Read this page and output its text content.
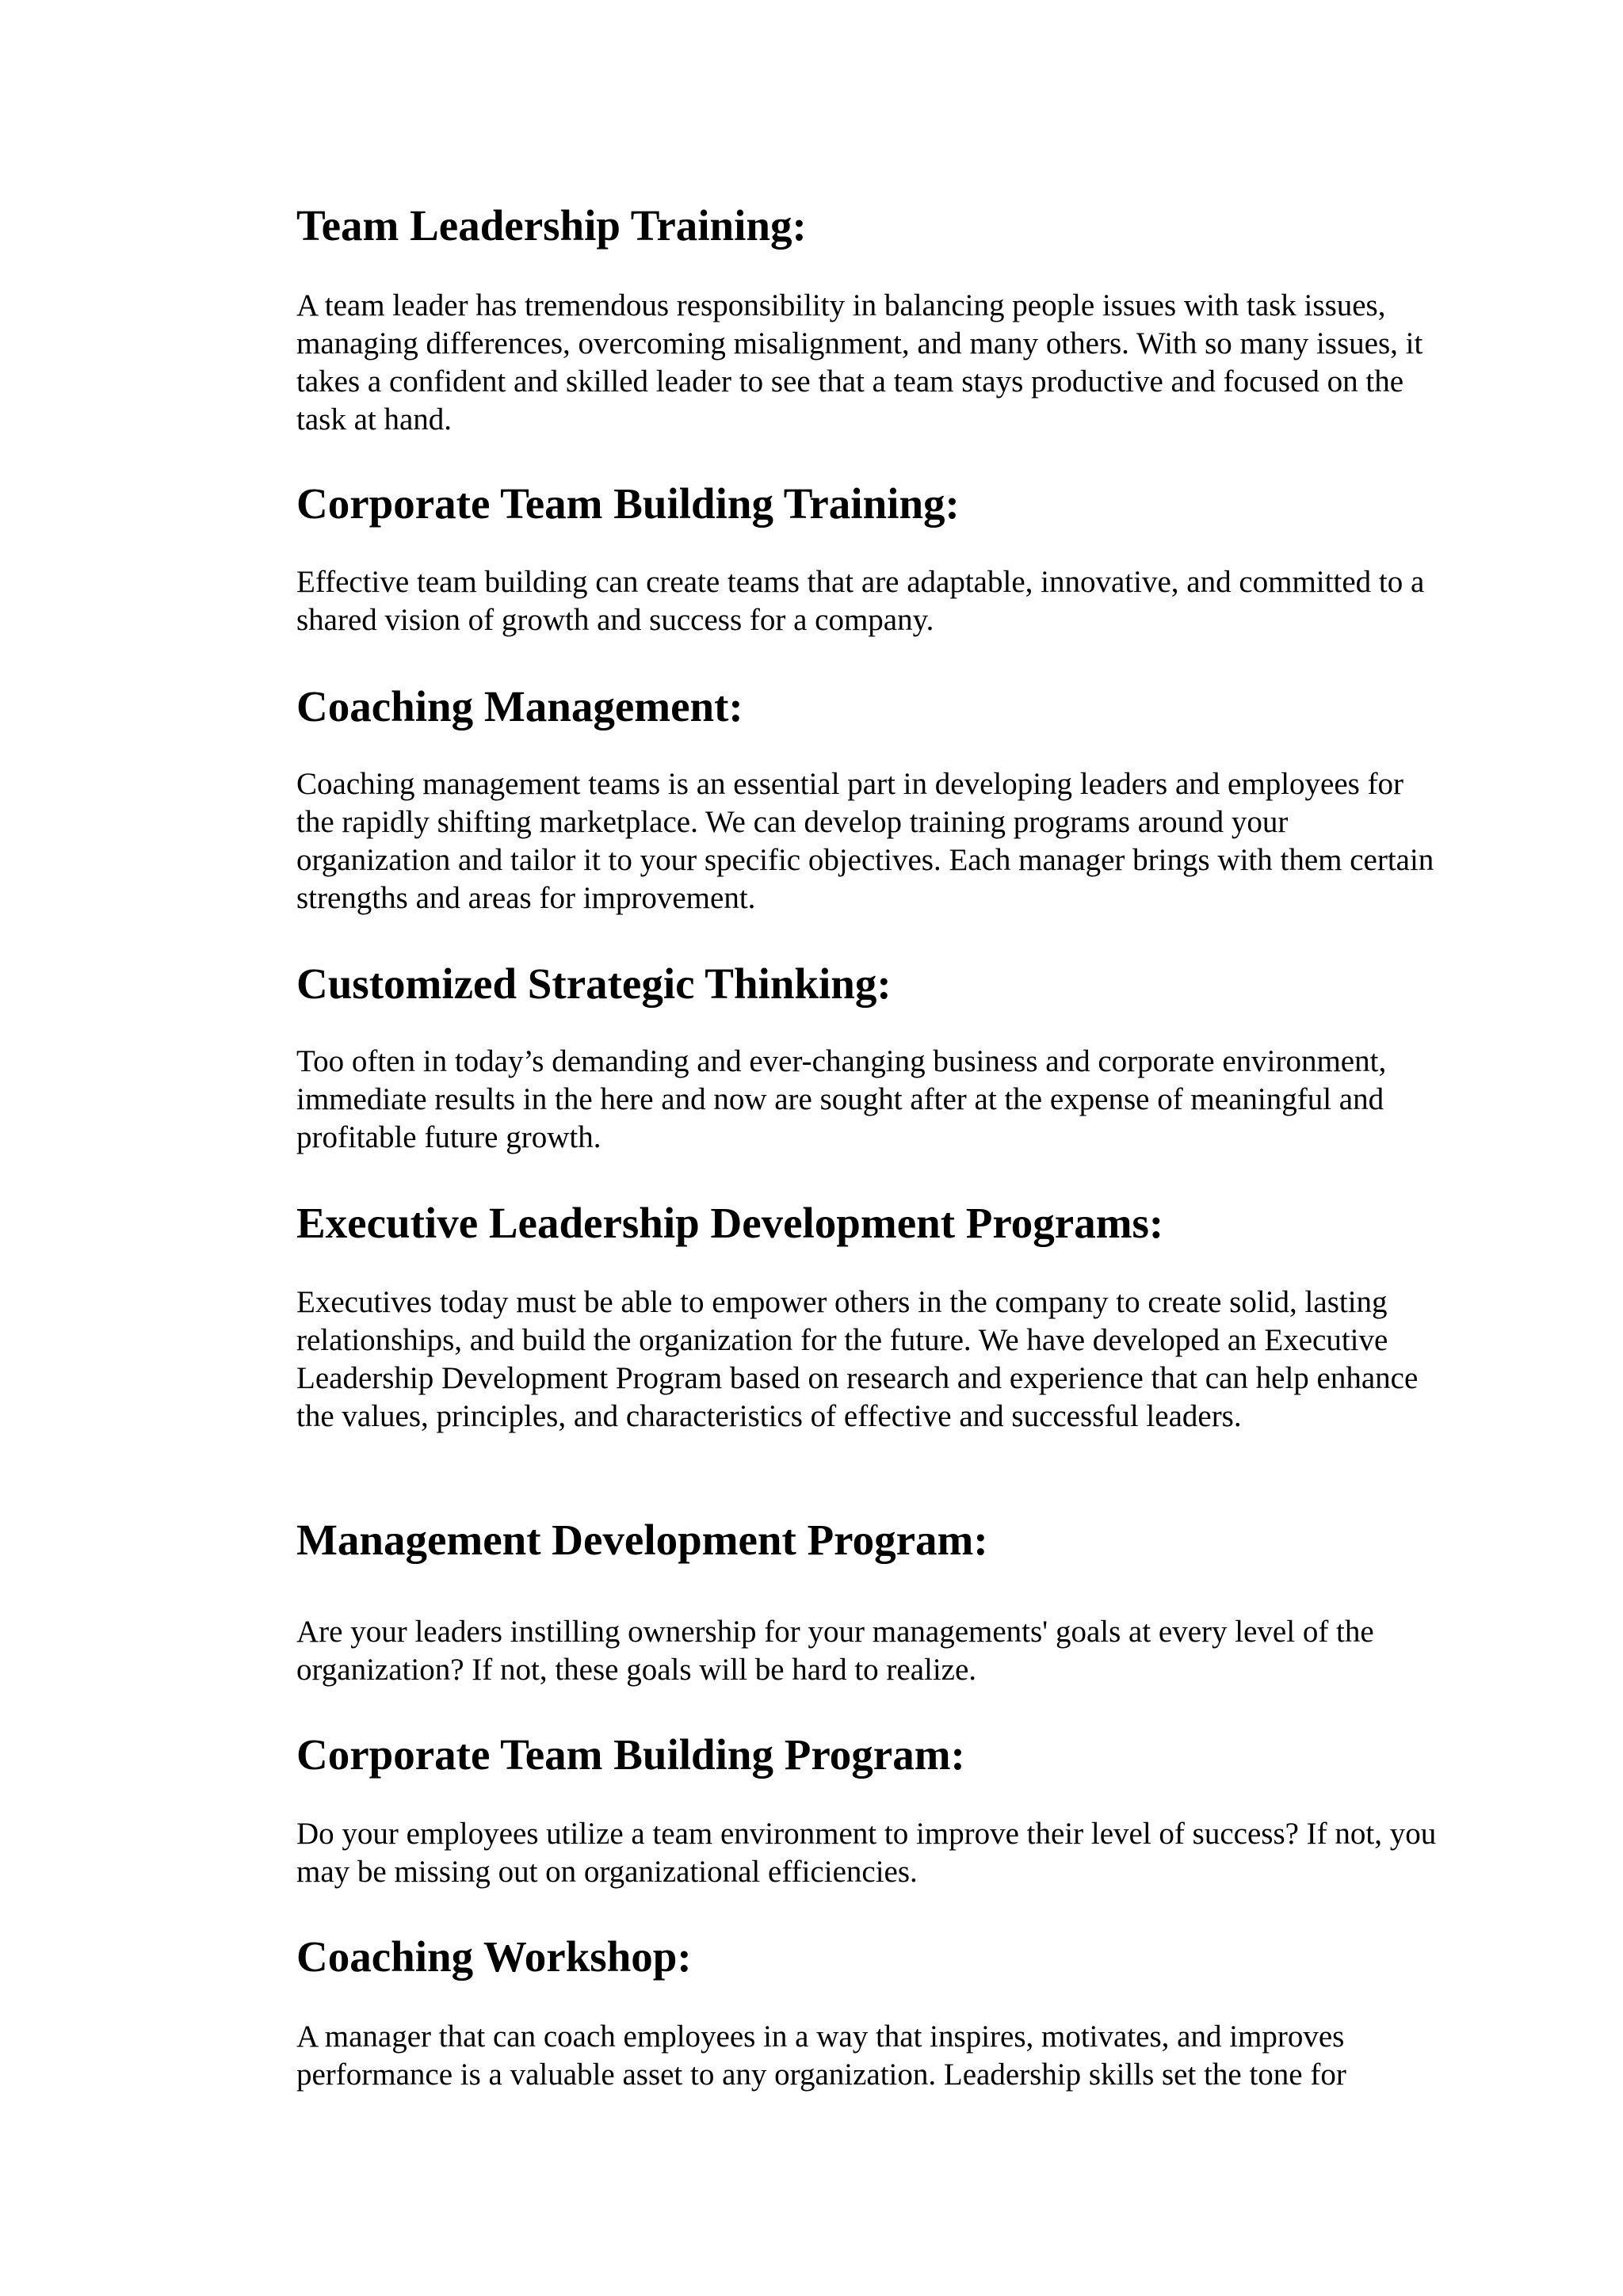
Team Leadership Training:

A team leader has tremendous responsibility in balancing people issues with task issues, managing differences, overcoming misalignment, and many others. With so many issues, it takes a confident and skilled leader to see that a team stays productive and focused on the task at hand.

Corporate Team Building Training:

Effective team building can create teams that are adaptable, innovative, and committed to a shared vision of growth and success for a company.

Coaching Management:

Coaching management teams is an essential part in developing leaders and employees for the rapidly shifting marketplace. We can develop training programs around your organization and tailor it to your specific objectives. Each manager brings with them certain strengths and areas for improvement.

Customized Strategic Thinking:

Too often in today’s demanding and ever-changing business and corporate environment, immediate results in the here and now are sought after at the expense of meaningful and profitable future growth.

Executive Leadership Development Programs:

Executives today must be able to empower others in the company to create solid, lasting relationships, and build the organization for the future. We have developed an Executive Leadership Development Program based on research and experience that can help enhance the values, principles, and characteristics of effective and successful leaders.

Management Development Program:

Are your leaders instilling ownership for your managements' goals at every level of the organization? If not, these goals will be hard to realize.

Corporate Team Building Program:

Do your employees utilize a team environment to improve their level of success? If not, you may be missing out on organizational efficiencies.

Coaching Workshop:

A manager that can coach employees in a way that inspires, motivates, and improves performance is a valuable asset to any organization. Leadership skills set the tone for
